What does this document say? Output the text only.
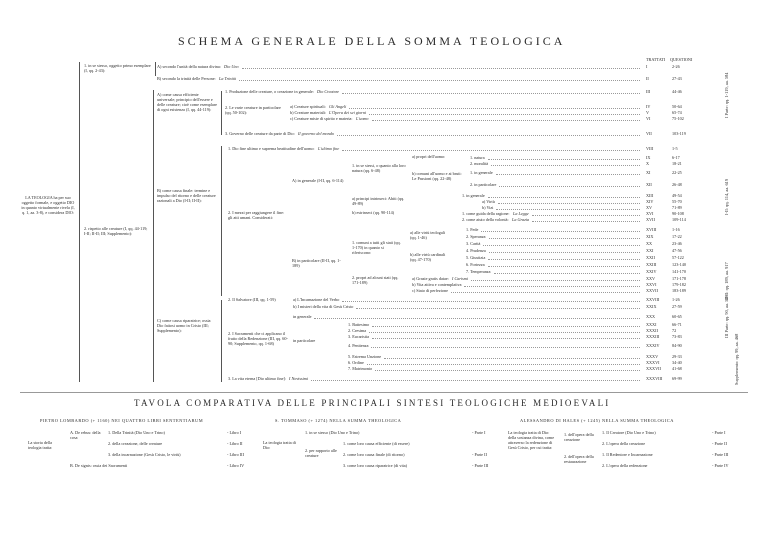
SCHEMA GENERALE DELLA SOMMA TEOLOGICA
TRATTATI QUESTIONI
LA TEOLOGIA ha per suo oggetto formale, e oggetto DIO in quanto virtualmente rivela (I, q. 1, aa. 3-8), e considera DIO:
1. in se stesso, oggetto primo esemplare (I, qq. 2-43):
2. rispetto alle creature (I, qq. 44-119; I-II; II-II; III; Supplemento):
A) come causa efficiente universale; principio dell'essere e delle creature; cioè come esemplare di ogni esistenza (I, qq. 44-119):
B) come causa finale: termine e impulso del ritorno e delle creature razionali a Dio (I-II; II-II):
C) come causa riparatrice; ossia Dio fattosi uomo in Cristo (III; Supplemento):
2. Le varie creature in particolare (qq. 50-102):
2. I mezzi per raggiungere il fine: gli atti umani. Considerati:
A) in generale (I-II, qq. 6-114)
B) in particolare (II-II, qq. 1-189)
2. Il Salvatore (III, qq. 1-59)
2. I Sacramenti che ci applicano il frutto della Redenzione (III, qq. 60-90; Supplemento, qq. 1-68)
in particolare
1. in se stessi, o quanto alla loro natura (qq. 6-48)
a) principi intrinseci: Abiti (qq. 49-89)
b) estrinseci (qq. 90-114)
1. comuni a tutti gli stati (qq. 1-170) in quanto si riferiscono:
2. propri ad alcuni stati (qq. 171-189)
a) alle virtù teologali (qq. 1-46)
b) alle virtù cardinali (qq. 47-170)
a) propri dell'uomo:
b) comuni all'uomo e ai bruti: Le Passioni (qq. 22-48)
A) secondo l'unità della natura divina: Dio Uno	I	2-26
B) secondo la trinità delle Persone: La Trinità	II	27-43
1. Produzione delle creature, o creazione in generale: Dio Creatore	III	44-46
a) Creature spirituali: Gli Angeli	IV	50-64
b) Creature materiali: L'Opera dei sei giorni	V	65-74
c) Creature miste di spirito e materia: L'uomo	VI	75-102
3. Governo delle creature da parte di Dio: Il governo del mondo	VII	103-119
1. Dio fine ultimo e suprema beatitudine dell'uomo: L'ultimo fine	VIII	1-5
1. natura	IX	6-17
2. moralità	X	18-21
1. in generale	XI	22-25
2. in particolare	XII	26-48
1. in generale	XIII	49-54
a) Virtù	XIV	55-70
b) Vizi	XV	71-89
1. come guida della ragione: La Legge	XVI	90-108
2. come aiuto della volontà: La Grazia	XVII	109-114
1. Fede	XVIII	1-16
2. Speranza	XIX	17-22
3. Carità	XX	23-46
4. Prudenza	XXI	47-56
5. Giustizia	XXII	57-122
6. Fortezza	XXIII	123-140
7. Temperanza	XXIV	141-170
a) Grazie gratis datae: I Carismi	XXV	171-178
b) Vita attiva e contemplativa	XXVI	179-182
c) Stato di perfezione	XXVII	183-189
a) L'Incarnazione del Verbo	XXVIII	1-26
b) I misteri della vita di Gesù Cristo	XXIX	27-59
in generale	XXX	60-65
1. Battesimo	XXXI	66-71
2. Cresima	XXXII	72
3. Eucaristia	XXXIII	73-83
4. Penitenza	XXXIV	84-90
5. Estrema Unzione	XXXV	29-33
6. Ordine	XXXVI	34-40
7. Matrimonio	XXXVII	41-68
3. La vita eterna [Dio ultimo fine]: I Novissimi	XXXVIII 69-99
I Parte: qq. 1-119, aa. 584
I-II: qq. 114, aa. 619
II-II: qq. 189, aa. 917
III Parte: qq. 90, aa. 549
Supplemento: qq. 99, aa. 468
TAVOLA COMPARATIVA DELLE PRINCIPALI SINTESI TEOLOGICHE MEDIOEVALI
PIETRO LOMBARDO (+ 1160) NEI QUATTRO LIBRI SENTENTIARUM
La storia della teologia tratta:
A. De rebus: della cosa
1. Della Trinità (Dio Uno e Trino)	- Libro I
2. della creazione, delle creature	- Libro II
3. della incarnazione (Gesù Cristo, le virtù)	- Libro III
B. De signis: ossia dei Sacramenti	- Libro IV
S. TOMMASO (+ 1274) NELLA SUMMA THEOLOGICA
La teologia tratta di Dio:
2. per rapporto alle creature
1. in se stesso (Dio Uno e Trino)	- Parte I
1. come loro causa efficiente (di essere)
2. come loro causa finale (di ritorno)	- Parte II
3. come loro causa riparatrice (di vita)	- Parte III
ALESSANDRO DI HALES (+ 1245) NELLA SUMMA THEOLOGICA
La teologia tratta di Dio: della sostanza divina, come attraverso la redenzione di Gesù Cristo, per cui tratta:
1. dell'opera della creazione
2. dell'opera della restaurazione
1. Il Creatore (Dio Uno e Trino)	- Parte I
2. L'opera della creazione	- Parte II
1. Il Redentore e Incarnazione	- Parte III
2. L'opera della redenzione	- Parte IV
